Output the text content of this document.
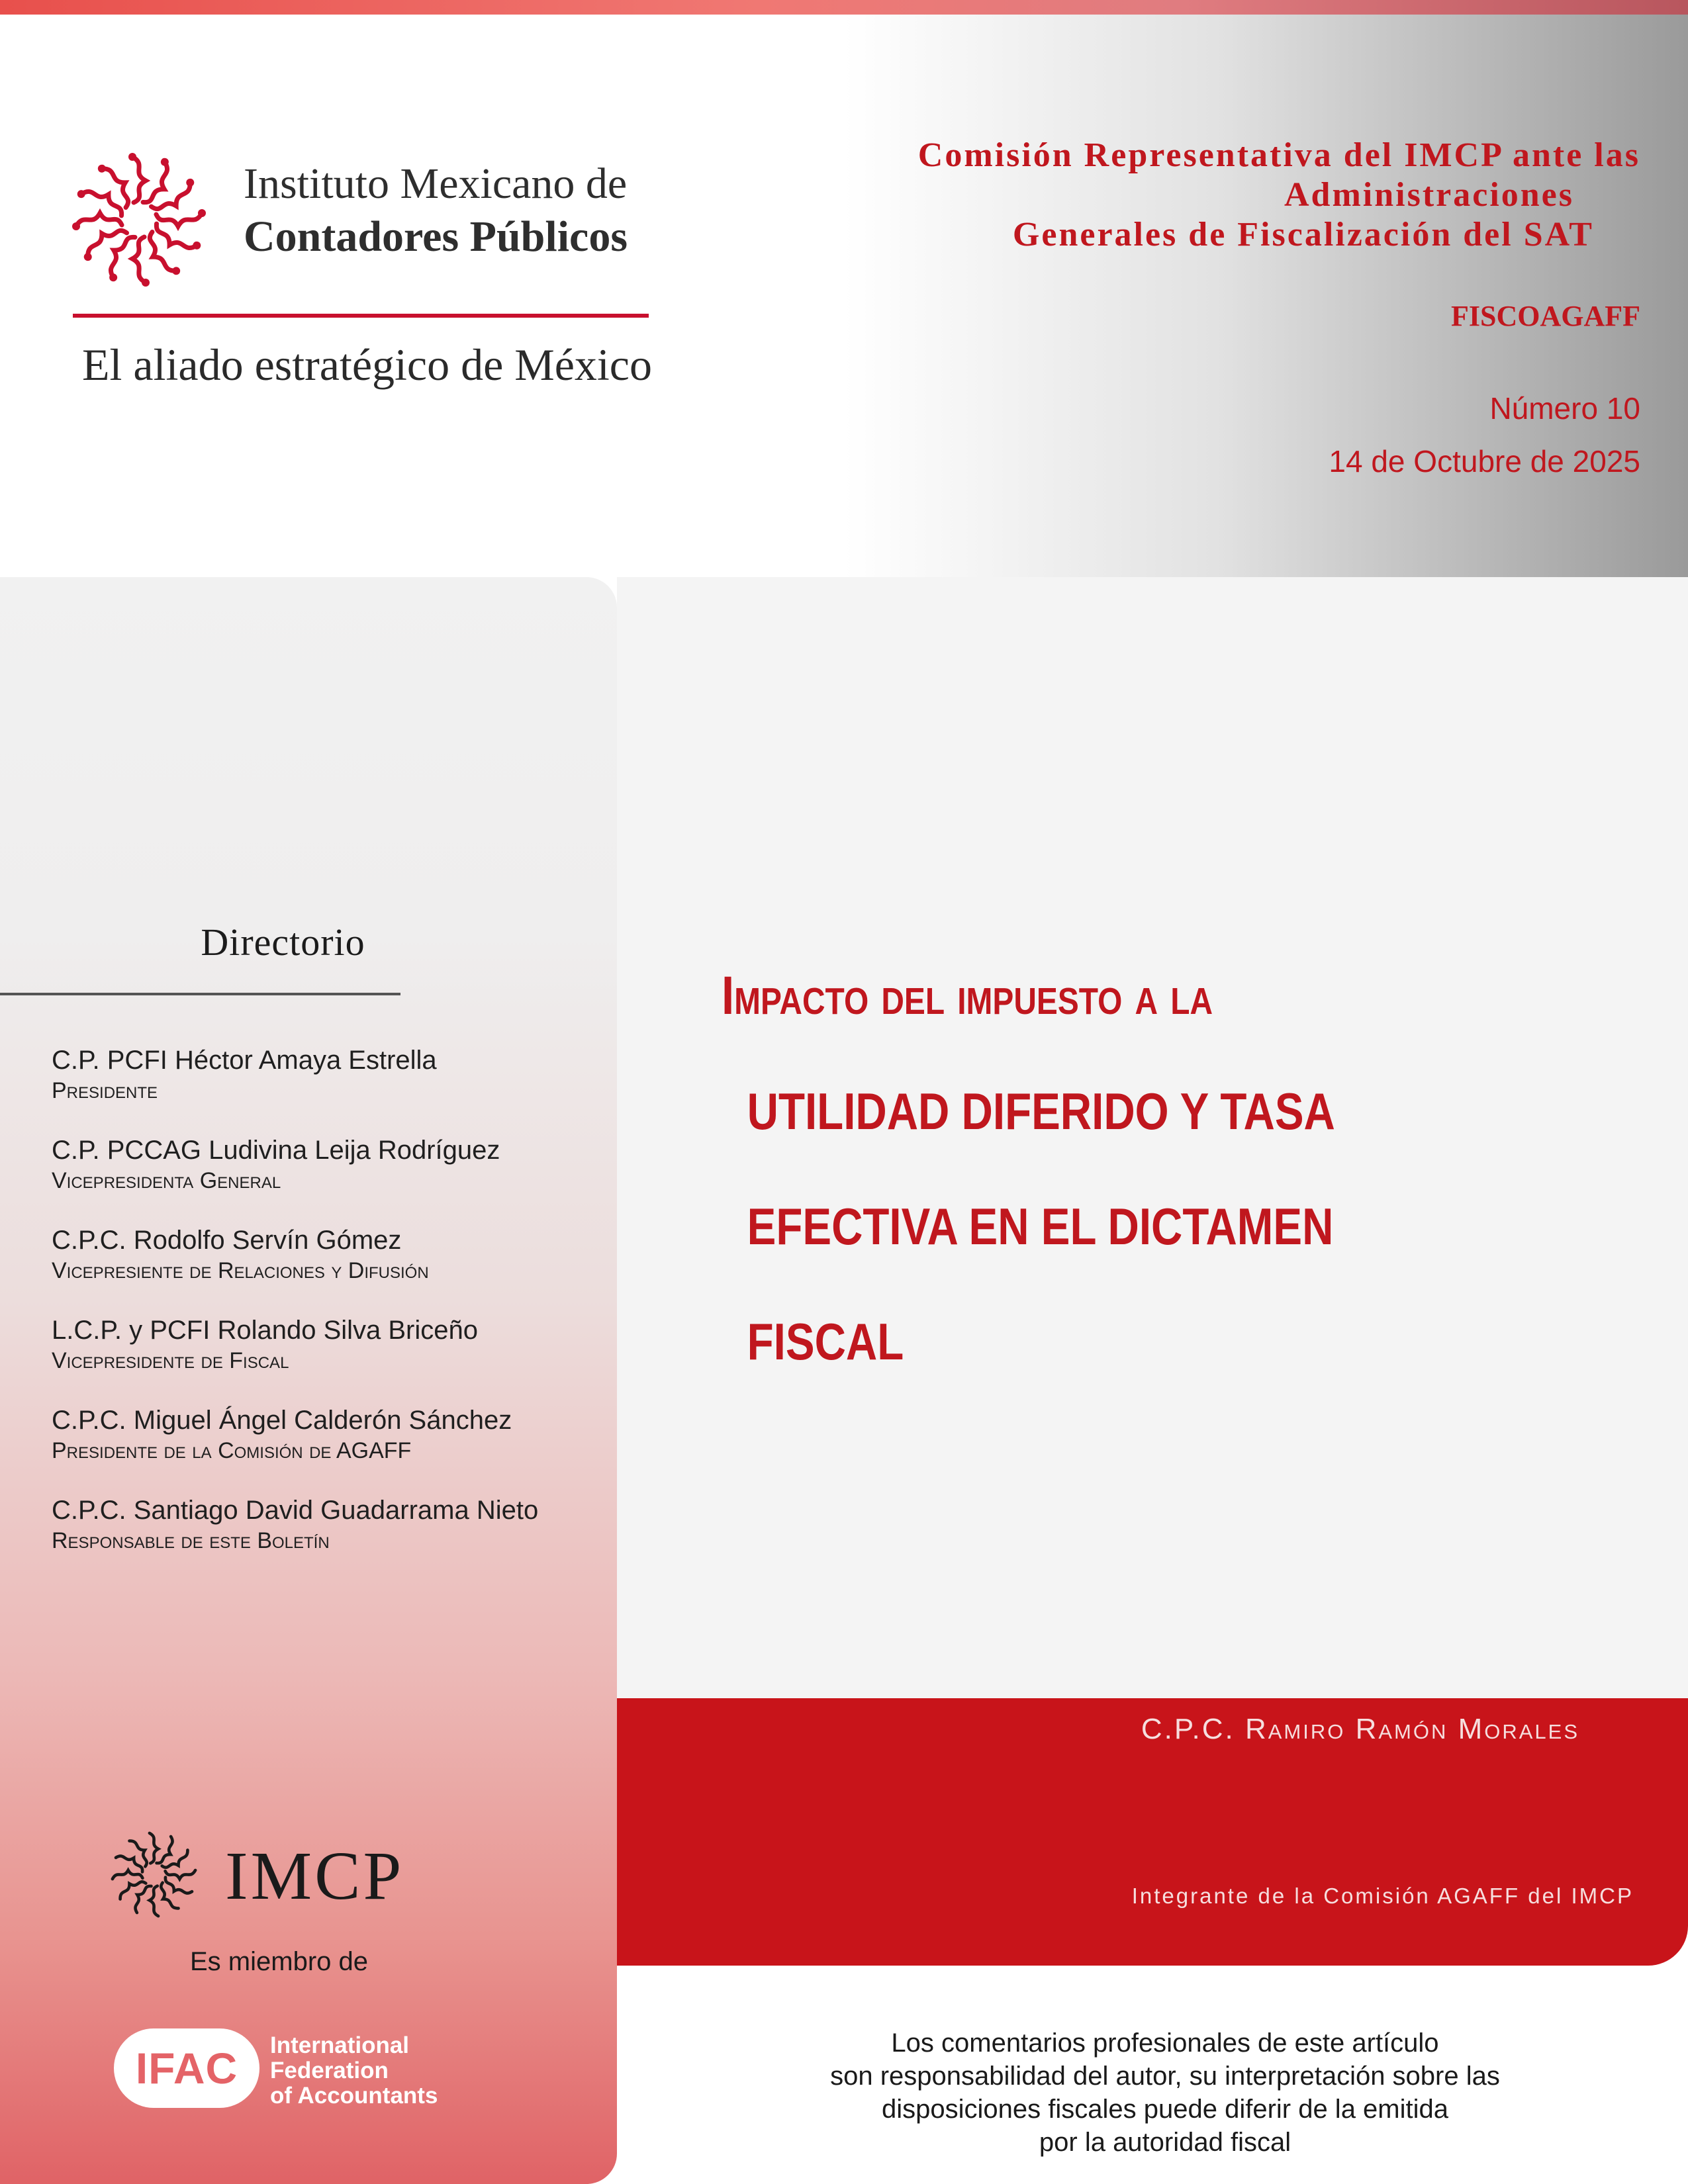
Instituto Mexicano de
Contadores Públicos
El aliado estratégico de México
Comisión Representativa del IMCP ante las
Administraciones
Generales de Fiscalización del SAT
FISCOAGAFF
Número 10
14 de Octubre de 2025
Directorio
C.P. PCFI Héctor Amaya Estrella
Presidente
C.P. PCCAG Ludivina Leija Rodríguez
Vicepresidenta General
C.P.C. Rodolfo Servín Gómez
Vicepresiente de Relaciones y Difusión
L.C.P. y PCFI Rolando Silva Briceño
Vicepresidente de Fiscal
C.P.C. Miguel Ángel Calderón Sánchez
Presidente de la Comisión de AGAFF
C.P.C. Santiago David Guadarrama Nieto
Responsable de este Boletín
IMCP
Es miembro de
IFAC	International
Federation
of Accountants
Impacto del impuesto a la
UTILIDAD DIFERIDO Y TASA
EFECTIVA EN EL DICTAMEN
FISCAL
C.P.C. Ramiro Ramón Morales
Integrante de la Comisión AGAFF del IMCP
Los comentarios profesionales de este artículo
son responsabilidad del autor, su interpretación sobre las
disposiciones fiscales puede diferir de la emitida
por la autoridad fiscal
